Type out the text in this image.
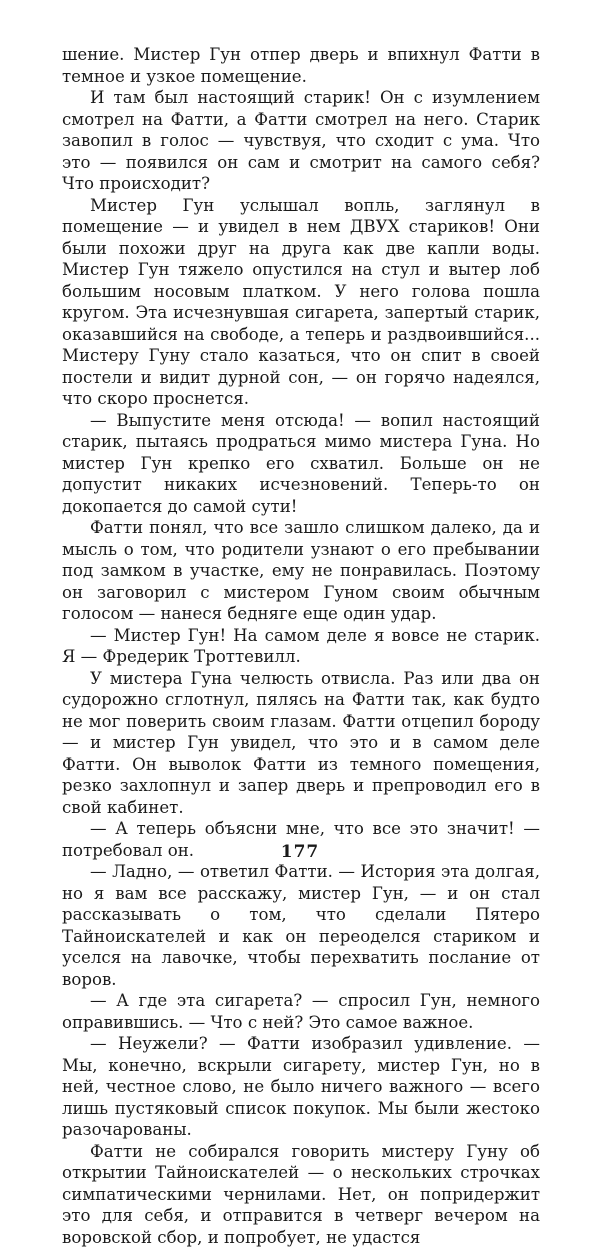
шение. Мистер Гун отпер дверь и впихнул Фатти в темное и узкое помещение.

И там был настоящий старик! Он с изумлением смотрел на Фатти, а Фатти смотрел на него. Старик завопил в голос — чувствуя, что сходит с ума. Что это — появился он сам и смотрит на самого себя? Что происходит?

Мистер Гун услышал вопль, заглянул в помещение — и увидел в нем ДВУХ стариков! Они были похожи друг на друга как две капли воды. Мистер Гун тяжело опустился на стул и вытер лоб большим носовым платком. У него голова пошла кругом. Эта исчезнувшая сигарета, запертый старик, оказавшийся на свободе, а теперь и раздвоившийся... Мистеру Гуну стало казаться, что он спит в своей постели и видит дурной сон, — он горячо надеялся, что скоро проснется.

— Выпустите меня отсюда! — вопил настоящий старик, пытаясь продраться мимо мистера Гуна. Но мистер Гун крепко его схватил. Больше он не допустит никаких исчезновений. Теперь-то он докопается до самой сути!

Фатти понял, что все зашло слишком далеко, да и мысль о том, что родители узнают о его пребывании под замком в участке, ему не понравилась. Поэтому он заговорил с мистером Гуном своим обычным голосом — нанеся бедняге еще один удар.

— Мистер Гун! На самом деле я вовсе не старик. Я — Фредерик Троттевилл.

У мистера Гуна челюсть отвисла. Раз или два он судорожно сглотнул, пялясь на Фатти так, как будто не мог поверить своим глазам. Фатти отцепил бороду — и мистер Гун увидел, что это и в самом деле Фатти. Он выволок Фатти из темного помещения, резко захлопнул и запер дверь и препроводил его в свой кабинет.

— А теперь объясни мне, что все это значит! — потребовал он.

— Ладно, — ответил Фатти. — История эта долгая, но я вам все расскажу, мистер Гун, — и он стал рассказывать о том, что сделали Пятеро Тайноискателей и как он переоделся стариком и уселся на лавочке, чтобы перехватить послание от воров.

— А где эта сигарета? — спросил Гун, немного оправившись. — Что с ней? Это самое важное.

— Неужели? — Фатти изобразил удивление. — Мы, конечно, вскрыли сигарету, мистер Гун, но в ней, честное слово, не было ничего важного — всего лишь пустяковый список покупок. Мы были жестоко разочарованы.

Фатти не собирался говорить мистеру Гуну об открытии Тайноискателей — о нескольких строчках симпатическими чернилами. Нет, он попридержит это для себя, и отправится в четверг вечером на воровской сбор, и попробует, не удастся

177
